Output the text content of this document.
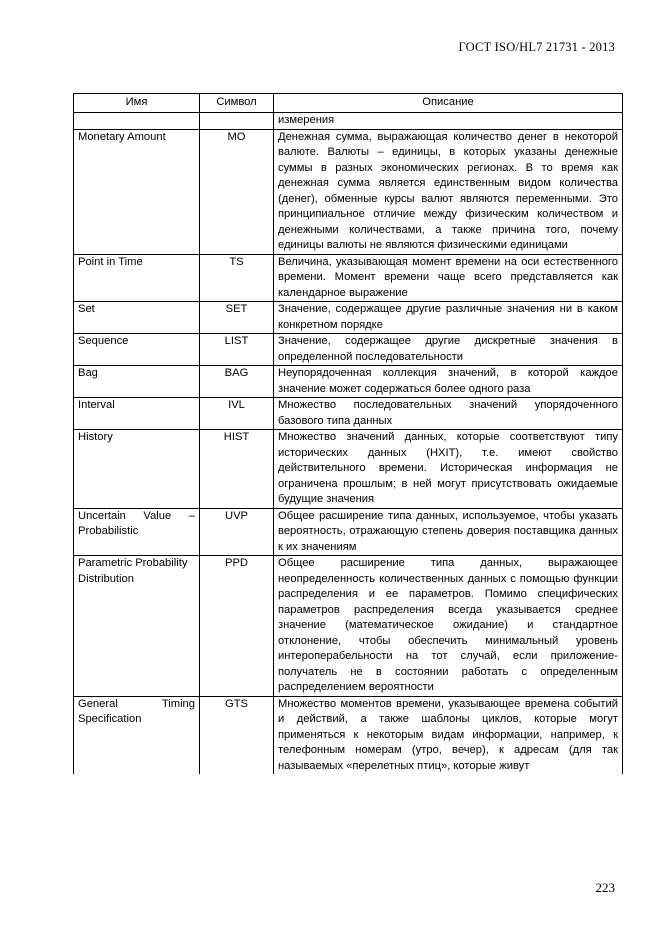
ГОСТ ISO/HL7 21731 - 2013
Имя	Символ	Описание
		измерения
Monetary Amount	MO	Денежная сумма, выражающая количество денег в некоторой валюте. Валюты – единицы, в которых указаны денежные суммы в разных экономических регионах. В то время как денежная сумма является единственным видом количества (денег), обменные курсы валют являются переменными. Это принципиальное отличие между физическим количеством и денежными количествами, а также причина того, почему единицы валюты не являются физическими единицами
Point in Time	TS	Величина, указывающая момент времени на оси естественного времени. Момент времени чаще всего представляется как календарное выражение
Set	SET	Значение, содержащее другие различные значения ни в каком конкретном порядке
Sequence	LIST	Значение, содержащее другие дискретные значения в определенной последовательности
Bag	BAG	Неупорядоченная коллекция значений, в которой каждое значение может содержаться более одного раза
Interval	IVL	Множество последовательных значений упорядоченного базового типа данных
History	HIST	Множество значений данных, которые соответствуют типу исторических данных (HXIT), т.е. имеют свойство действительного времени. Историческая информация не ограничена прошлым; в ней могут присутствовать ожидаемые будущие значения
Uncertain Value – Probabilistic	UVP	Общее расширение типа данных, используемое, чтобы указать вероятность, отражающую степень доверия поставщика данных к их значениям
Parametric Probability Distribution	PPD	Общее расширение типа данных, выражающее неопределенность количественных данных с помощью функции распределения и ее параметров. Помимо специфических параметров распределения всегда указывается среднее значение (математическое ожидание) и стандартное отклонение, чтобы обеспечить минимальный уровень интероперабельности на тот случай, если приложение-получатель не в состоянии работать с определенным распределением вероятности
General Timing Specification	GTS	Множество моментов времени, указывающее времена событий и действий, а также шаблоны циклов, которые могут применяться к некоторым видам информации, например, к телефонным номерам (утро, вечер), к адресам (для так называемых «перелетных птиц», которые живут
223
